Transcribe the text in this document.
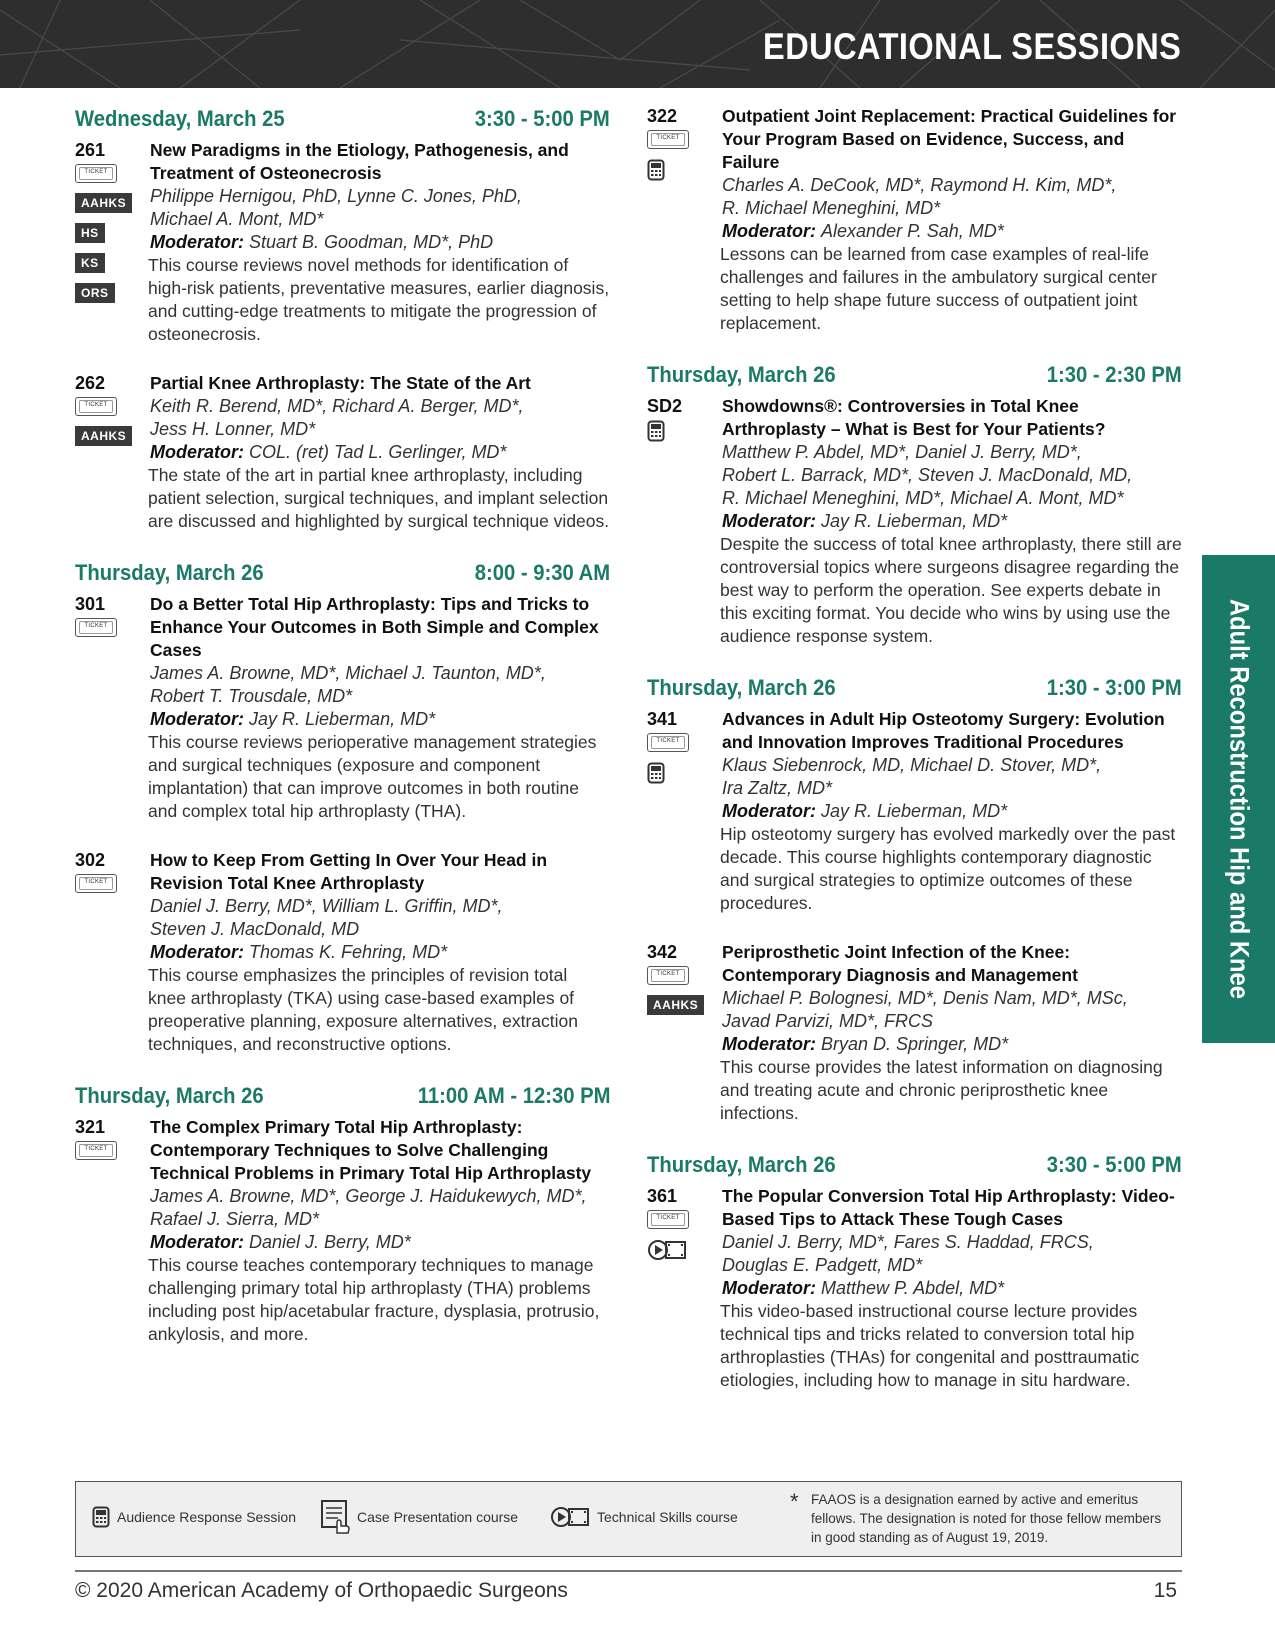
EDUCATIONAL SESSIONS
Wednesday, March 25	3:30 - 5:00 PM
261
TICKET
AAHKS
HS
KS
ORS
New Paradigms in the Etiology, Pathogenesis, and Treatment of Osteonecrosis
Philippe Hernigou, PhD, Lynne C. Jones, PhD,
Michael A. Mont, MD*
Moderator: Stuart B. Goodman, MD*, PhD
This course reviews novel methods for identification of high-risk patients, preventative measures, earlier diagnosis, and cutting-edge treatments to mitigate the progression of osteonecrosis.
262
TICKET
AAHKS
Partial Knee Arthroplasty: The State of the Art
Keith R. Berend, MD*, Richard A. Berger, MD*,
Jess H. Lonner, MD*
Moderator: COL. (ret) Tad L. Gerlinger, MD*
The state of the art in partial knee arthroplasty, including patient selection, surgical techniques, and implant selection are discussed and highlighted by surgical technique videos.
Thursday, March 26	8:00 - 9:30 AM
301
TICKET
Do a Better Total Hip Arthroplasty: Tips and Tricks to Enhance Your Outcomes in Both Simple and Complex Cases
James A. Browne, MD*, Michael J. Taunton, MD*,
Robert T. Trousdale, MD*
Moderator: Jay R. Lieberman, MD*
This course reviews perioperative management strategies and surgical techniques (exposure and component implantation) that can improve outcomes in both routine and complex total hip arthroplasty (THA).
302
TICKET
How to Keep From Getting In Over Your Head in Revision Total Knee Arthroplasty
Daniel J. Berry, MD*, William L. Griffin, MD*,
Steven J. MacDonald, MD
Moderator: Thomas K. Fehring, MD*
This course emphasizes the principles of revision total knee arthroplasty (TKA) using case-based examples of preoperative planning, exposure alternatives, extraction techniques, and reconstructive options.
Thursday, March 26	11:00 AM - 12:30 PM
321
TICKET
The Complex Primary Total Hip Arthroplasty: Contemporary Techniques to Solve Challenging Technical Problems in Primary Total Hip Arthroplasty
James A. Browne, MD*, George J. Haidukewych, MD*,
Rafael J. Sierra, MD*
Moderator: Daniel J. Berry, MD*
This course teaches contemporary techniques to manage challenging primary total hip arthroplasty (THA) problems including post hip/acetabular fracture, dysplasia, protrusio, ankylosis, and more.
322
TICKET
Outpatient Joint Replacement: Practical Guidelines for Your Program Based on Evidence, Success, and Failure
Charles A. DeCook, MD*, Raymond H. Kim, MD*,
R. Michael Meneghini, MD*
Moderator: Alexander P. Sah, MD*
Lessons can be learned from case examples of real-life challenges and failures in the ambulatory surgical center setting to help shape future success of outpatient joint replacement.
Thursday, March 26	1:30 - 2:30 PM
SD2 Showdowns®: Controversies in Total Knee Arthroplasty – What is Best for Your Patients?
Matthew P. Abdel, MD*, Daniel J. Berry, MD*,
Robert L. Barrack, MD*, Steven J. MacDonald, MD,
R. Michael Meneghini, MD*, Michael A. Mont, MD*
Moderator: Jay R. Lieberman, MD*
Despite the success of total knee arthroplasty, there still are controversial topics where surgeons disagree regarding the best way to perform the operation. See experts debate in this exciting format. You decide who wins by using use the audience response system.
Thursday, March 26	1:30 - 3:00 PM
341
TICKET
Advances in Adult Hip Osteotomy Surgery: Evolution and Innovation Improves Traditional Procedures
Klaus Siebenrock, MD, Michael D. Stover, MD*,
Ira Zaltz, MD*
Moderator: Jay R. Lieberman, MD*
Hip osteotomy surgery has evolved markedly over the past decade. This course highlights contemporary diagnostic and surgical strategies to optimize outcomes of these procedures.
342
TICKET
AAHKS
Periprosthetic Joint Infection of the Knee: Contemporary Diagnosis and Management
Michael P. Bolognesi, MD*, Denis Nam, MD*, MSc,
Javad Parvizi, MD*, FRCS
Moderator: Bryan D. Springer, MD*
This course provides the latest information on diagnosing and treating acute and chronic periprosthetic knee infections.
Thursday, March 26	3:30 - 5:00 PM
361
TICKET
The Popular Conversion Total Hip Arthroplasty: Video-Based Tips to Attack These Tough Cases
Daniel J. Berry, MD*, Fares S. Haddad, FRCS,
Douglas E. Padgett, MD*
Moderator: Matthew P. Abdel, MD*
This video-based instructional course lecture provides technical tips and tricks related to conversion total hip arthroplasties (THAs) for congenital and posttraumatic etiologies, including how to manage in situ hardware.
Adult Reconstruction Hip and Knee
Audience Response Session	Case Presentation course	Technical Skills course
* FAAOS is a designation earned by active and emeritus fellows. The designation is noted for those fellow members in good standing as of August 19, 2019.
© 2020 American Academy of Orthopaedic Surgeons	15
